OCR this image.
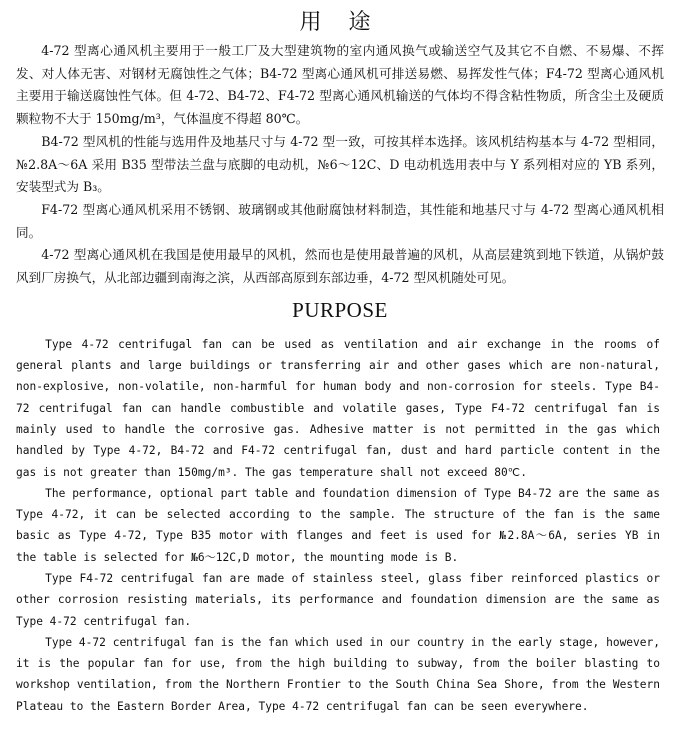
用 途

4-72 型离心通风机主要用于一般工厂及大型建筑物的室内通风换气或输送空气及其它不自燃、不易爆、不挥发、对人体无害、对钢材无腐蚀性之气体；B4-72 型离心通风机可排送易燃、易挥发性气体；F4-72 型离心通风机主要用于输送腐蚀性气体。但 4-72、B4-72、F4-72 型离心通风机输送的气体均不得含粘性物质，所含尘土及硬质颗粒物不大于 150mg/m³，气体温度不得超 80℃。

B4-72 型风机的性能与选用件及地基尺寸与 4-72 型一致，可按其样本选择。该风机结构基本与 4-72 型相同，№2.8A～6A 采用 B35 型带法兰盘与底脚的电动机，№6～12C、D 电动机选用表中与 Y 系列相对应的 YB 系列，安装型式为 B₃。

F4-72 型离心通风机采用不锈钢、玻璃钢或其他耐腐蚀材料制造，其性能和地基尺寸与 4-72 型离心通风机相同。

4-72 型离心通风机在我国是使用最早的风机，然而也是使用最普遍的风机，从高层建筑到地下铁道，从锅炉鼓风到厂房换气，从北部边疆到南海之滨，从西部高原到东部边垂，4-72 型风机随处可见。

PURPOSE

Type 4-72 centrifugal fan can be used as ventilation and air exchange in the rooms of general plants and large buildings or transferring air and other gases which are non-natural, non-explosive, non-volatile, non-harmful for human body and non-corrosion for steels. Type B4-72 centrifugal fan can handle combustible and volatile gases, Type F4-72 centrifugal fan is mainly used to handle the corrosive gas. Adhesive matter is not permitted in the gas which handled by Type 4-72, B4-72 and F4-72 centrifugal fan, dust and hard particle content in the gas is not greater than 150mg/m³. The gas temperature shall not exceed 80℃.

The performance, optional part table and foundation dimension of Type B4-72 are the same as Type 4-72, it can be selected according to the sample. The structure of the fan is the same basic as Type 4-72, Type B35 motor with flanges and feet is used for №2.8A～6A, series YB in the table is selected for №6～12C,D motor, the mounting mode is B.

Type F4-72 centrifugal fan are made of stainless steel, glass fiber reinforced plastics or other corrosion resisting materials, its performance and foundation dimension are the same as Type 4-72 centrifugal fan.

Type 4-72 centrifugal fan is the fan which used in our country in the early stage, however, it is the popular fan for use, from the high building to subway, from the boiler blasting to workshop ventilation, from the Northern Frontier to the South China Sea Shore, from the Western Plateau to the Eastern Border Area, Type 4-72 centrifugal fan can be seen everywhere.
